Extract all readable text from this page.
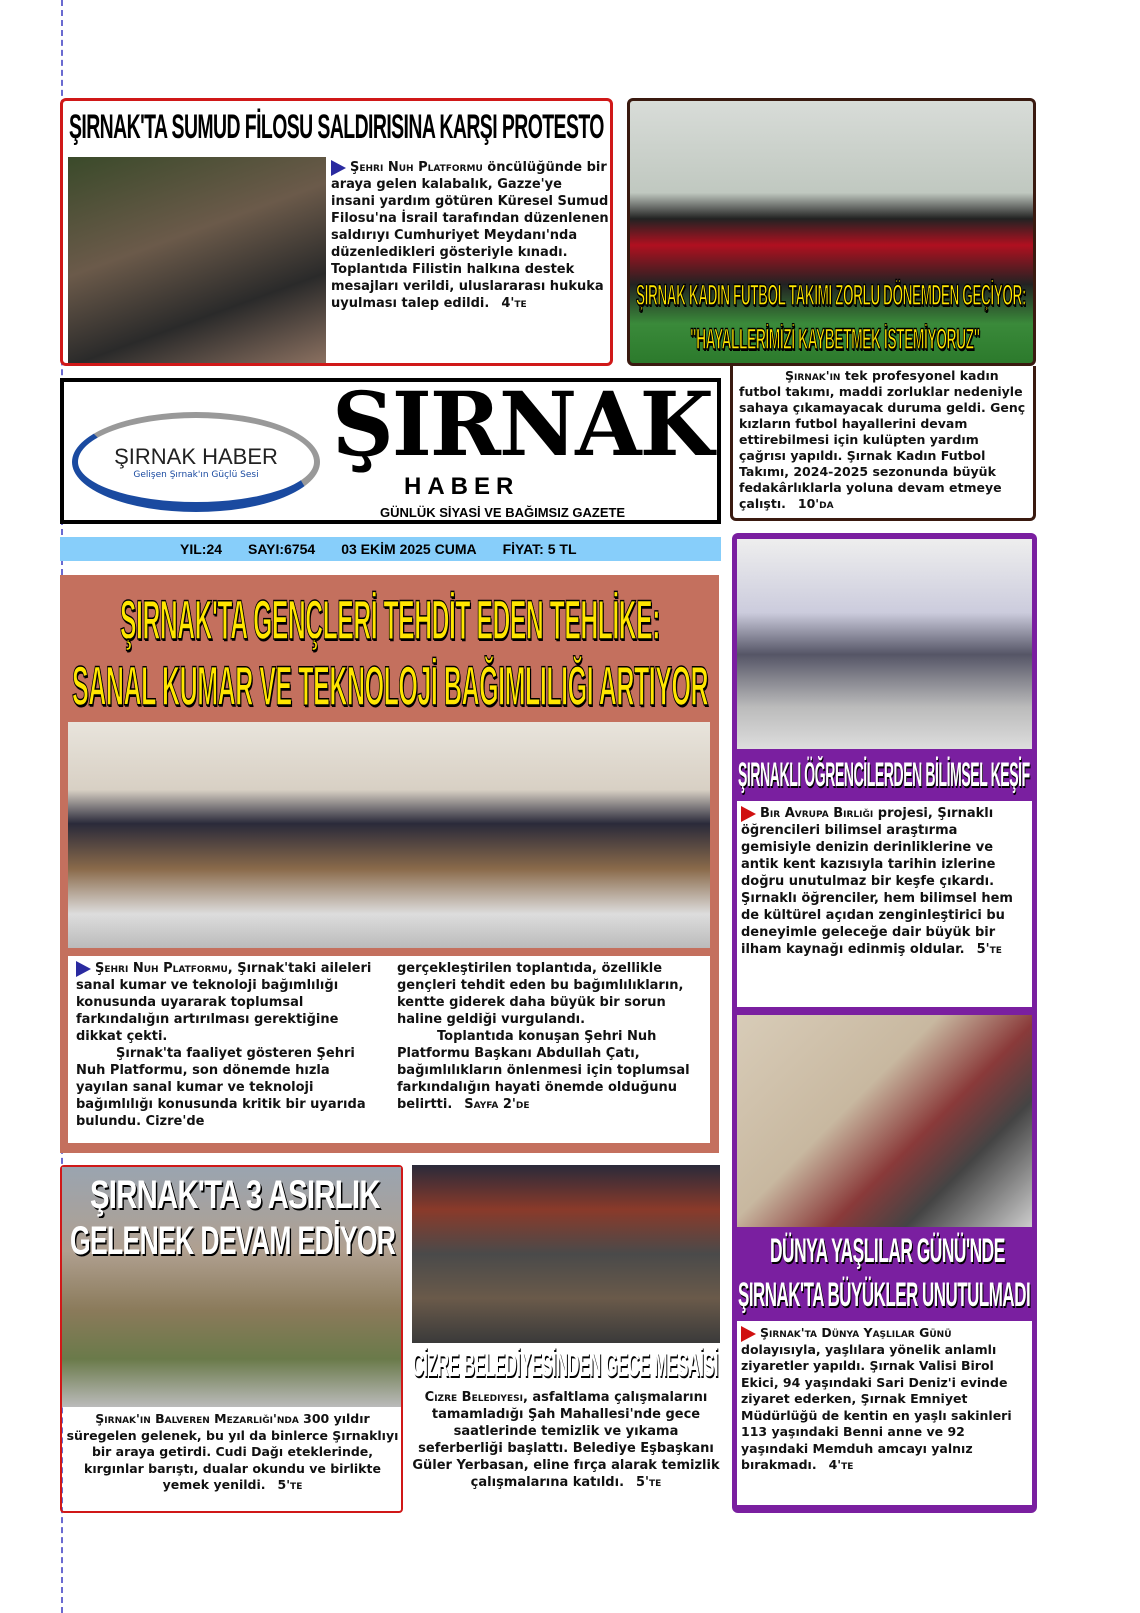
ŞIRNAK'TA SUMUD FİLOSU SALDIRISINA KARŞI PROTESTO
Şehri Nuh Platformu öncülüğünde bir araya gelen kalabalık, Gazze'ye insani yardım götüren Küresel Sumud Filosu'na İsrail tarafından düzenlenen saldırıyı Cumhuriyet Meydanı'nda düzenledikleri gösteriyle kınadı. Toplantıda Filistin halkına destek mesajları verildi, uluslararası hukuka uyulması talep edildi. 4'te	ŞIRNAK KADIN FUTBOL TAKIMI ZORLU DÖNEMDEN GEÇİYOR:
"HAYALLERİMİZİ KAYBETMEK İSTEMİYORUZ"
Şırnak'ın tek profesyonel kadın futbol takımı, maddi zorluklar nedeniyle sahaya çıkamayacak duruma geldi. Genç kızların futbol hayallerini devam ettirebilmesi için kulüpten yardım çağrısı yapıldı. Şırnak Kadın Futbol Takımı, 2024-2025 sezonunda büyük fedakârlıklarla yoluna devam etmeye çalıştı. 10'da
ŞIRNAK HABER
Gelişen Şırnak'ın Güçlü Sesi ŞIRNAK
HABER
GÜNLÜK SİYASİ VE BAĞIMSIZ GAZETE
YIL:24 SAYI:6754 03 EKİM 2025 CUMA FİYAT: 5 TL
ŞIRNAK'TA GENÇLERİ TEHDİT EDEN TEHLİKE:
SANAL KUMAR VE TEKNOLOJİ BAĞIMLILIĞI ARTIYOR
Şehri Nuh Platformu, Şırnak'taki aileleri sanal kumar ve teknoloji bağımlılığı konusunda uyararak toplumsal farkındalığın artırılması gerektiğine dikkat çekti.
Şırnak'ta faaliyet gösteren Şehri Nuh Platformu, son dönemde hızla yayılan sanal kumar ve teknoloji bağımlılığı konusunda kritik bir uyarıda bulundu. Cizre'de
gerçekleştirilen toplantıda, özellikle gençleri tehdit eden bu bağımlılıkların, kentte giderek daha büyük bir sorun haline geldiği vurgulandı.
Toplantıda konuşan Şehri Nuh Platformu Başkanı Abdullah Çatı, bağımlılıkların önlenmesi için toplumsal farkındalığın hayati önemde olduğunu belirtti. Sayfa 2'de
ŞIRNAKLI ÖĞRENCİLERDEN BİLİMSEL KEŞİF
Bir Avrupa Birliği projesi, Şırnaklı öğrencileri bilimsel araştırma gemisiyle denizin derinliklerine ve antik kent kazısıyla tarihin izlerine doğru unutulmaz bir keşfe çıkardı. Şırnaklı öğrenciler, hem bilimsel hem de kültürel açıdan zenginleştirici bu deneyimle geleceğe dair büyük bir ilham kaynağı edinmiş oldular. 5'te
DÜNYA YAŞLILAR GÜNÜ'NDE
ŞIRNAK'TA BÜYÜKLER UNUTULMADI
Şırnak'ta Dünya Yaşlılar Günü dolayısıyla, yaşlılara yönelik anlamlı ziyaretler yapıldı. Şırnak Valisi Birol Ekici, 94 yaşındaki Sari Deniz'i evinde ziyaret ederken, Şırnak Emniyet Müdürlüğü de kentin en yaşlı sakinleri 113 yaşındaki Benni anne ve 92 yaşındaki Memduh amcayı yalnız bırakmadı. 4'te
ŞIRNAK'TA 3 ASIRLIK
GELENEK DEVAM EDİYOR
Şırnak'ın Balveren Mezarlığı'nda 300 yıldır süregelen gelenek, bu yıl da binlerce Şırnaklıyı bir araya getirdi. Cudi Dağı eteklerinde, kırgınlar barıştı, dualar okundu ve birlikte yemek yenildi. 5'te
CİZRE BELEDİYESİNDEN GECE MESAİSİ
Cizre Belediyesi, asfaltlama çalışmalarını tamamladığı Şah Mahallesi'nde gece saatlerinde temizlik ve yıkama seferberliği başlattı. Belediye Eşbaşkanı Güler Yerbasan, eline fırça alarak temizlik çalışmalarına katıldı. 5'te
